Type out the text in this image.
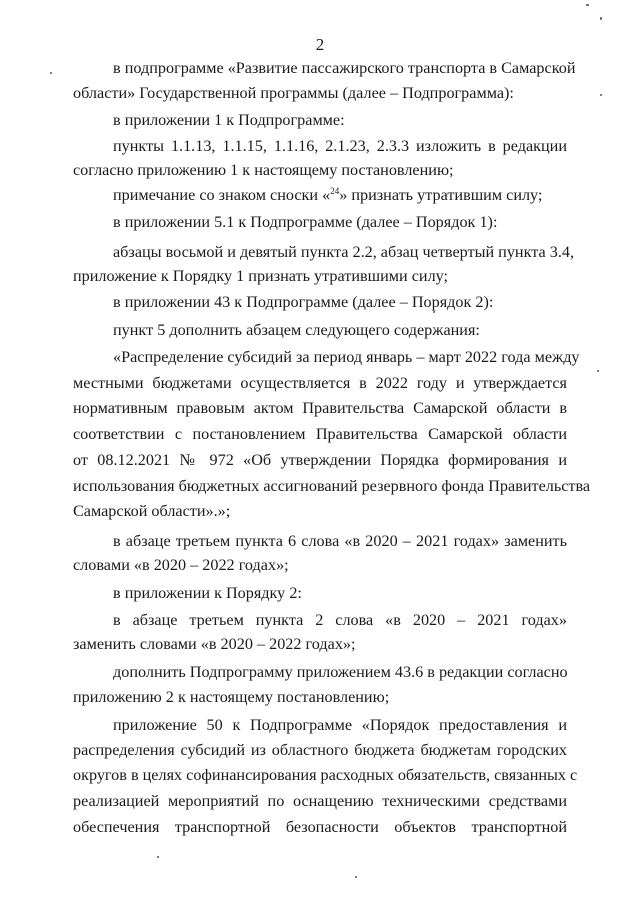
2

в подпрограмме «Развитие пассажирского транспорта в Самарской

области» Государственной программы (далее – Подпрограмма):

в приложении 1 к Подпрограмме:

пункты 1.1.13, 1.1.15, 1.1.16, 2.1.23, 2.3.3 изложить в редакции

согласно приложению 1 к настоящему постановлению;

примечание со знаком сноски «$^{24}$» признать утратившим силу;

в приложении 5.1 к Подпрограмме (далее – Порядок 1):

абзацы восьмой и девятый пункта 2.2, абзац четвертый пункта 3.4,

приложение к Порядку 1 признать утратившими силу;

в приложении 43 к Подпрограмме (далее – Порядок 2):

пункт 5 дополнить абзацем следующего содержания:

«Распределение субсидий за период январь – март 2022 года между

местными бюджетами осуществляется в 2022 году и утверждается

нормативным правовым актом Правительства Самарской области в

соответствии с постановлением Правительства Самарской области

от 08.12.2021 № 972 «Об утверждении Порядка формирования и

использования бюджетных ассигнований резервного фонда Правительства

Самарской области».»;

в абзаце третьем пункта 6 слова «в 2020 – 2021 годах» заменить

словами «в 2020 – 2022 годах»;

в приложении к Порядку 2:

в абзаце третьем пункта 2 слова «в 2020 – 2021 годах»

заменить словами «в 2020 – 2022 годах»;

дополнить Подпрограмму приложением 43.6 в редакции согласно

приложению 2 к настоящему постановлению;

приложение 50 к Подпрограмме «Порядок предоставления и

распределения субсидий из областного бюджета бюджетам городских

округов в целях софинансирования расходных обязательств, связанных с

реализацией мероприятий по оснащению техническими средствами

обеспечения транспортной безопасности объектов транспортной
